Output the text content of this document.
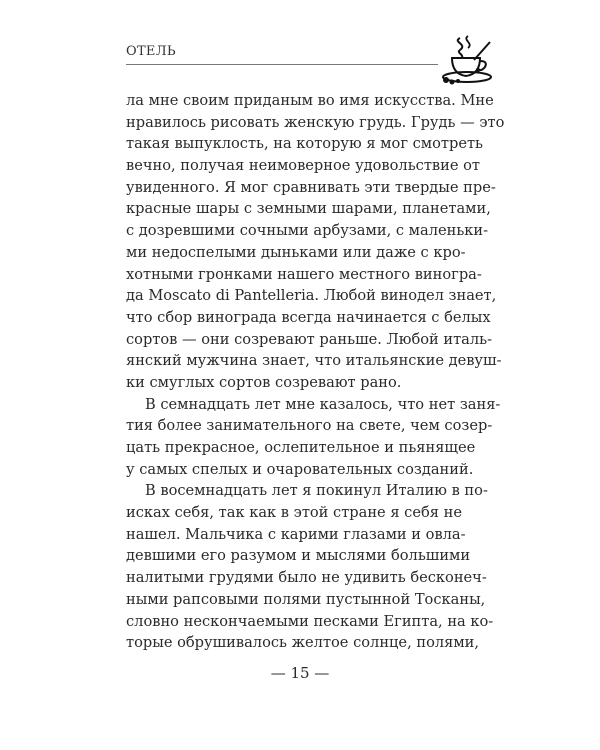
ОТЕЛЬ
ла мне своим приданым во имя искусства. Мне
нравилось рисовать женскую грудь. Грудь — это
такая выпуклость, на которую я мог смотреть
вечно, получая неимоверное удовольствие от
увиденного. Я мог сравнивать эти твердые пре-
красные шары с земными шарами, планетами,
с дозревшими сочными арбузами, с маленьки-
ми недоспелыми дыньками или даже с кро-
хотными гронками нашего местного виногра-
да Moscato di Pantelleria. Любой винодел знает,
что сбор винограда всегда начинается с белых
сортов — они созревают раньше. Любой италь-
янский мужчина знает, что итальянские девуш-
ки смуглых сортов созревают рано.
В семнадцать лет мне казалось, что нет заня-
тия более занимательного на свете, чем созер-
цать прекрасное, ослепительное и пьянящее
у самых спелых и очаровательных созданий.
В восемнадцать лет я покинул Италию в по-
исках себя, так как в этой стране я себя не
нашел. Мальчика с карими глазами и овла-
девшими его разумом и мыслями большими
налитыми грудями было не удивить бесконеч-
ными рапсовыми полями пустынной Тосканы,
словно нескончаемыми песками Египта, на ко-
торые обрушивалось желтое солнце, полями,
— 15 —
